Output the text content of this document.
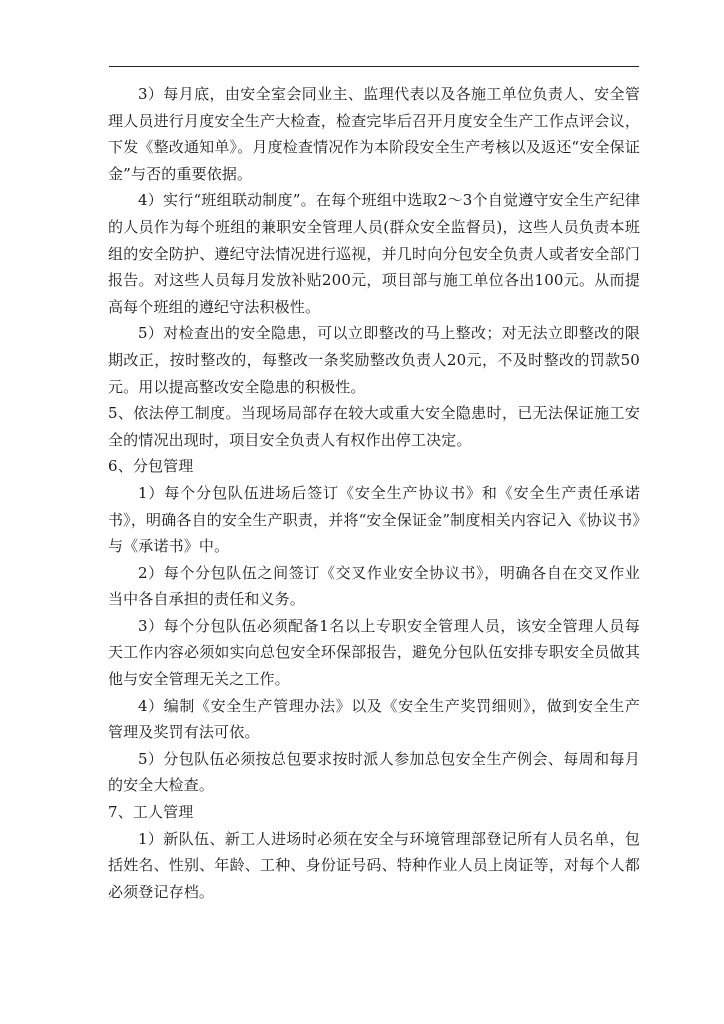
3）每月底，由安全室会同业主、监理代表以及各施工单位负责人、安全管理人员进行月度安全生产大检查，检查完毕后召开月度安全生产工作点评会议，下发《整改通知单》。月度检查情况作为本阶段安全生产考核以及返还“安全保证金”与否的重要依据。

4）实行“班组联动制度”。在每个班组中选取2～3个自觉遵守安全生产纪律的人员作为每个班组的兼职安全管理人员(群众安全监督员)，这些人员负责本班组的安全防护、遵纪守法情况进行巡视，并几时向分包安全负责人或者安全部门报告。对这些人员每月发放补贴200元，项目部与施工单位各出100元。从而提高每个班组的遵纪守法积极性。

5）对检查出的安全隐患，可以立即整改的马上整改；对无法立即整改的限期改正，按时整改的，每整改一条奖励整改负责人20元，不及时整改的罚款50元。用以提高整改安全隐患的积极性。

5、依法停工制度。当现场局部存在较大或重大安全隐患时，已无法保证施工安全的情况出现时，项目安全负责人有权作出停工决定。

6、分包管理

1）每个分包队伍进场后签订《安全生产协议书》和《安全生产责任承诺书》，明确各自的安全生产职责，并将“安全保证金”制度相关内容记入《协议书》与《承诺书》中。

2）每个分包队伍之间签订《交叉作业安全协议书》，明确各自在交叉作业当中各自承担的责任和义务。

3）每个分包队伍必须配备1名以上专职安全管理人员，该安全管理人员每天工作内容必须如实向总包安全环保部报告，避免分包队伍安排专职安全员做其他与安全管理无关之工作。

4）编制《安全生产管理办法》以及《安全生产奖罚细则》，做到安全生产管理及奖罚有法可依。

5）分包队伍必须按总包要求按时派人参加总包安全生产例会、每周和每月的安全大检查。

7、工人管理

1）新队伍、新工人进场时必须在安全与环境管理部登记所有人员名单，包括姓名、性别、年龄、工种、身份证号码、特种作业人员上岗证等，对每个人都必须登记存档。
